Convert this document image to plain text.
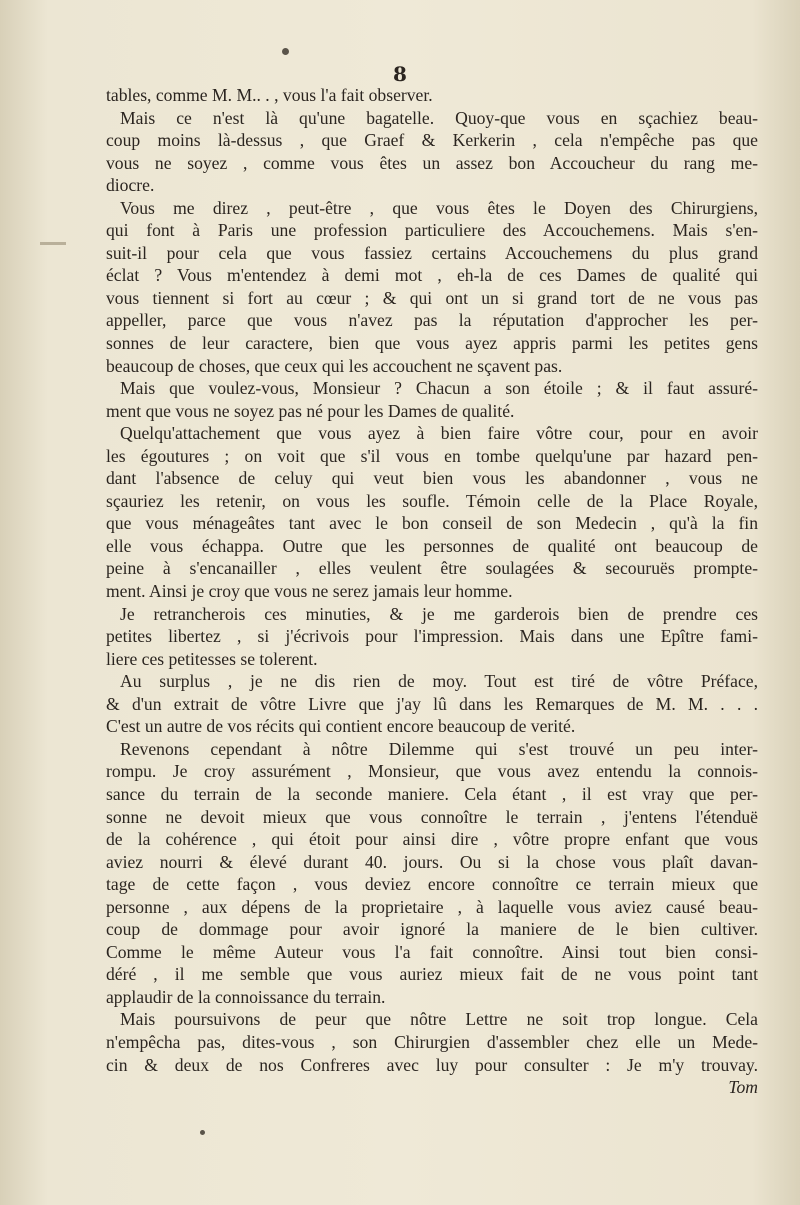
8
tables, comme M. M.. . , vous l'a fait observer.
Mais ce n'est là qu'une bagatelle. Quoy-que vous en sçachiez beau-
coup moins là-dessus , que Graef & Kerkerin , cela n'empêche pas que
vous ne soyez , comme vous êtes un assez bon Accoucheur du rang me-
diocre.
Vous me direz , peut-être , que vous êtes le Doyen des Chirurgiens,
qui font à Paris une profession particuliere des Accouchemens. Mais s'en-
suit-il pour cela que vous fassiez certains Accouchemens du plus grand
éclat ? Vous m'entendez à demi mot , eh-la de ces Dames de qualité qui
vous tiennent si fort au cœur ; & qui ont un si grand tort de ne vous pas
appeller, parce que vous n'avez pas la réputation d'approcher les per-
sonnes de leur caractere, bien que vous ayez appris parmi les petites gens
beaucoup de choses, que ceux qui les accouchent ne sçavent pas.
Mais que voulez-vous, Monsieur ? Chacun a son étoile ; & il faut assuré-
ment que vous ne soyez pas né pour les Dames de qualité.
Quelqu'attachement que vous ayez à bien faire vôtre cour, pour en avoir
les égoutures ; on voit que s'il vous en tombe quelqu'une par hazard pen-
dant l'absence de celuy qui veut bien vous les abandonner , vous ne
sçauriez les retenir, on vous les soufle. Témoin celle de la Place Royale,
que vous ménageâtes tant avec le bon conseil de son Medecin , qu'à la fin
elle vous échappa. Outre que les personnes de qualité ont beaucoup de
peine à s'encanailler , elles veulent être soulagées & secouruës prompte-
ment. Ainsi je croy que vous ne serez jamais leur homme.
Je retrancherois ces minuties, & je me garderois bien de prendre ces
petites libertez , si j'écrivois pour l'impression. Mais dans une Epître fami-
liere ces petitesses se tolerent.
Au surplus , je ne dis rien de moy. Tout est tiré de vôtre Préface,
& d'un extrait de vôtre Livre que j'ay lû dans les Remarques de M. M. . . .
C'est un autre de vos récits qui contient encore beaucoup de verité.
Revenons cependant à nôtre Dilemme qui s'est trouvé un peu inter-
rompu. Je croy assurément , Monsieur, que vous avez entendu la connois-
sance du terrain de la seconde maniere. Cela étant , il est vray que per-
sonne ne devoit mieux que vous connoître le terrain , j'entens l'étenduë
de la cohérence , qui étoit pour ainsi dire , vôtre propre enfant que vous
aviez nourri & élevé durant 40. jours. Ou si la chose vous plaît davan-
tage de cette façon , vous deviez encore connoître ce terrain mieux que
personne , aux dépens de la proprietaire , à laquelle vous aviez causé beau-
coup de dommage pour avoir ignoré la maniere de le bien cultiver.
Comme le même Auteur vous l'a fait connoître. Ainsi tout bien consi-
déré , il me semble que vous auriez mieux fait de ne vous point tant
applaudir de la connoissance du terrain.
Mais poursuivons de peur que nôtre Lettre ne soit trop longue. Cela
n'empêcha pas, dites-vous , son Chirurgien d'assembler chez elle un Mede-
cin & deux de nos Confreres avec luy pour consulter : Je m'y trouvay.
Tom
